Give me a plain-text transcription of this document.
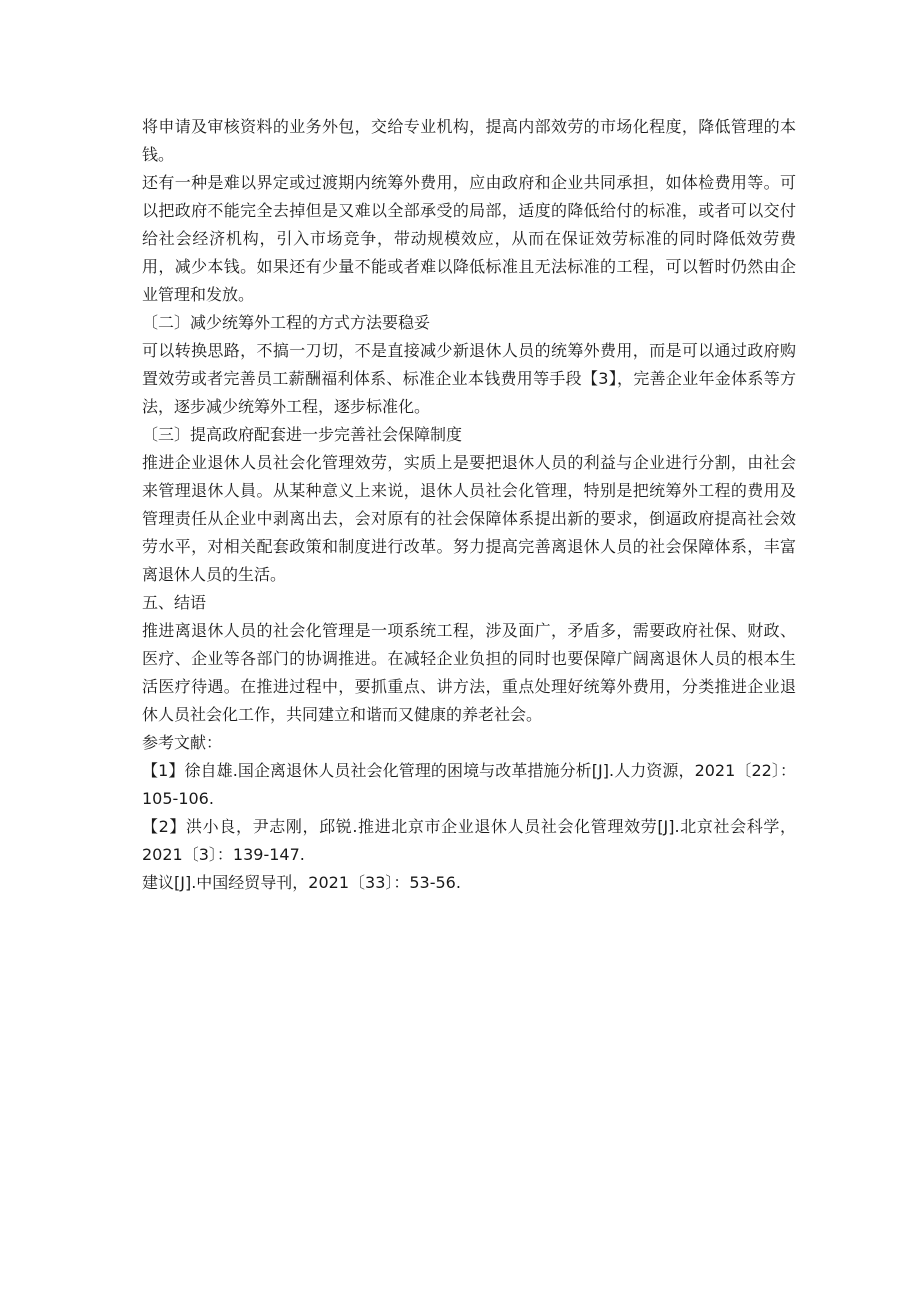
将申请及审核资料的业务外包，交给专业机构，提高内部效劳的市场化程度，降低管理的本钱。

还有一种是难以界定或过渡期内统筹外费用，应由政府和企业共同承担，如体检费用等。可以把政府不能完全去掉但是又难以全部承受的局部，适度的降低给付的标准，或者可以交付给社会经济机构，引入市场竞争，带动规模效应，从而在保证效劳标准的同时降低效劳费用，减少本钱。如果还有少量不能或者难以降低标准且无法标准的工程，可以暂时仍然由企业管理和发放。

〔二〕减少统筹外工程的方式方法要稳妥

可以转换思路，不搞一刀切，不是直接减少新退休人员的统筹外费用，而是可以通过政府购置效劳或者完善员工薪酬福利体系、标准企业本钱费用等手段【3】，完善企业年金体系等方法，逐步减少统筹外工程，逐步标准化。

〔三〕提高政府配套进一步完善社会保障制度

推进企业退休人员社会化管理效劳，实质上是要把退休人员的利益与企业进行分割，由社会来管理退休人員。从某种意义上来说，退休人员社会化管理，特别是把统筹外工程的费用及管理责任从企业中剥离出去，会对原有的社会保障体系提出新的要求，倒逼政府提高社会效劳水平，对相关配套政策和制度进行改革。努力提高完善离退休人员的社会保障体系，丰富离退休人员的生活。

五、结语

推进离退休人员的社会化管理是一项系统工程，涉及面广，矛盾多，需要政府社保、财政、医疗、企业等各部门的协调推进。在减轻企业负担的同时也要保障广阔离退休人员的根本生活医疗待遇。在推进过程中，要抓重点、讲方法，重点处理好统筹外费用，分类推进企业退休人员社会化工作，共同建立和谐而又健康的养老社会。

参考文献：

【1】徐自雄.国企离退休人员社会化管理的困境与改革措施分析[J].人力资源，2021〔22〕：105-106.

【2】洪小良，尹志刚，邱锐.推进北京市企业退休人员社会化管理效劳[J].北京社会科学，2021〔3〕：139-147.

建议[J].中国经贸导刊，2021〔33〕：53-56.
